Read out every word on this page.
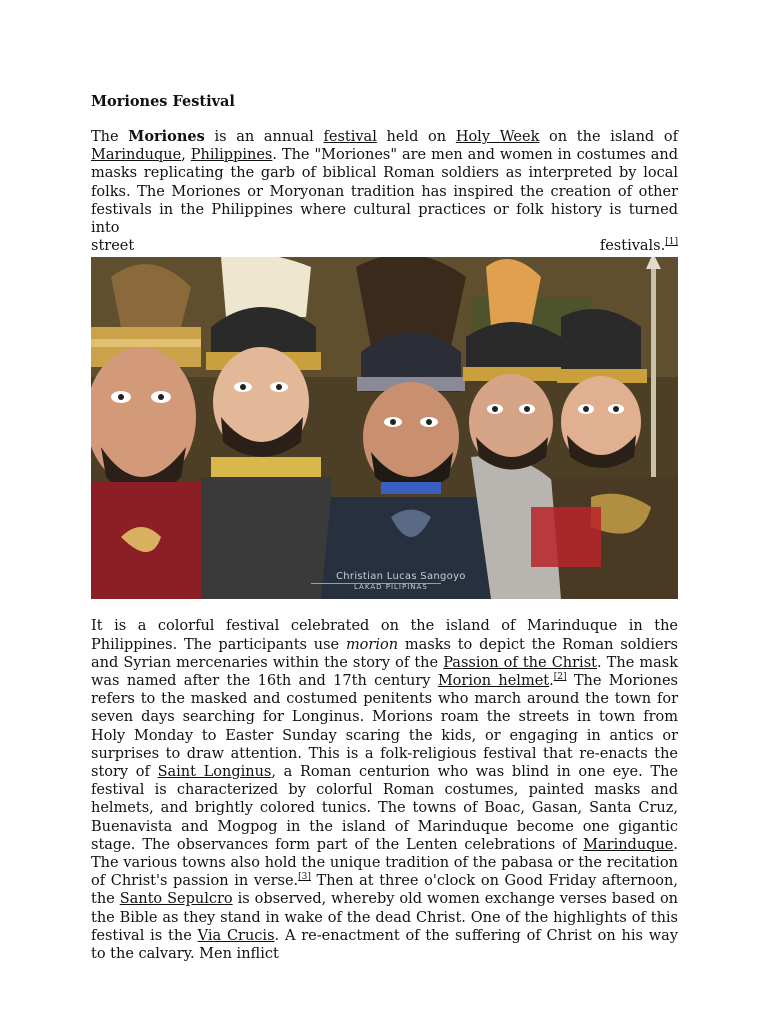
Moriones Festival

The Moriones is an annual festival held on Holy Week on the island of Marinduque, Philippines. The "Moriones" are men and women in costumes and masks replicating the garb of biblical Roman soldiers as interpreted by local folks. The Moriones or Moryonan tradition has inspired the creation of other festivals in the Philippines where cultural practices or folk history is turned into

street	festivals.[1]
Christian Lucas Sangoyo
LAKAD PILIPINAS

It is a colorful festival celebrated on the island of Marinduque in the Philippines. The participants use morion masks to depict the Roman soldiers and Syrian mercenaries within the story of the Passion of the Christ. The mask was named after the 16th and 17th century Morion helmet.[2] The Moriones refers to the masked and costumed penitents who march around the town for seven days searching for Longinus. Morions roam the streets in town from Holy Monday to Easter Sunday scaring the kids, or engaging in antics or surprises to draw attention. This is a folk-religious festival that re-enacts the story of Saint Longinus, a Roman centurion who was blind in one eye. The festival is characterized by colorful Roman costumes, painted masks and helmets, and brightly colored tunics. The towns of Boac, Gasan, Santa Cruz, Buenavista and Mogpog in the island of Marinduque become one gigantic stage. The observances form part of the Lenten celebrations of Marinduque. The various towns also hold the unique tradition of the pabasa or the recitation of Christ's passion in verse.[3] Then at three o'clock on Good Friday afternoon, the Santo Sepulcro is observed, whereby old women exchange verses based on the Bible as they stand in wake of the dead Christ. One of the highlights of this festival is the Via Crucis. A re-enactment of the suffering of Christ on his way to the calvary. Men inflict
